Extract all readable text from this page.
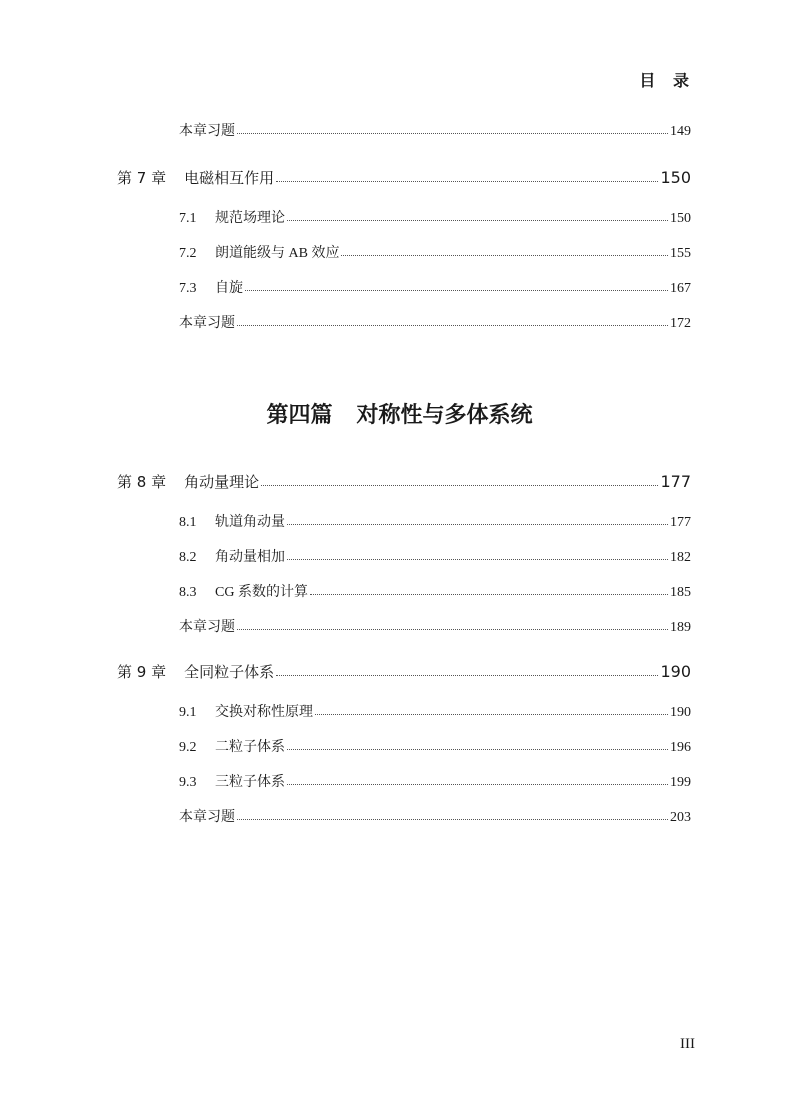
目 录
本章习题	149
第 7 章 电磁相互作用	150
7.1	规范场理论	150
7.2	朗道能级与 AB 效应	155
7.3	自旋	167
本章习题	172
第四篇 对称性与多体系统
第 8 章 角动量理论	177
8.1	轨道角动量	177
8.2	角动量相加	182
8.3	CG 系数的计算	185
本章习题	189
第 9 章 全同粒子体系	190
9.1	交换对称性原理	190
9.2	二粒子体系	196
9.3	三粒子体系	199
本章习题	203
III
